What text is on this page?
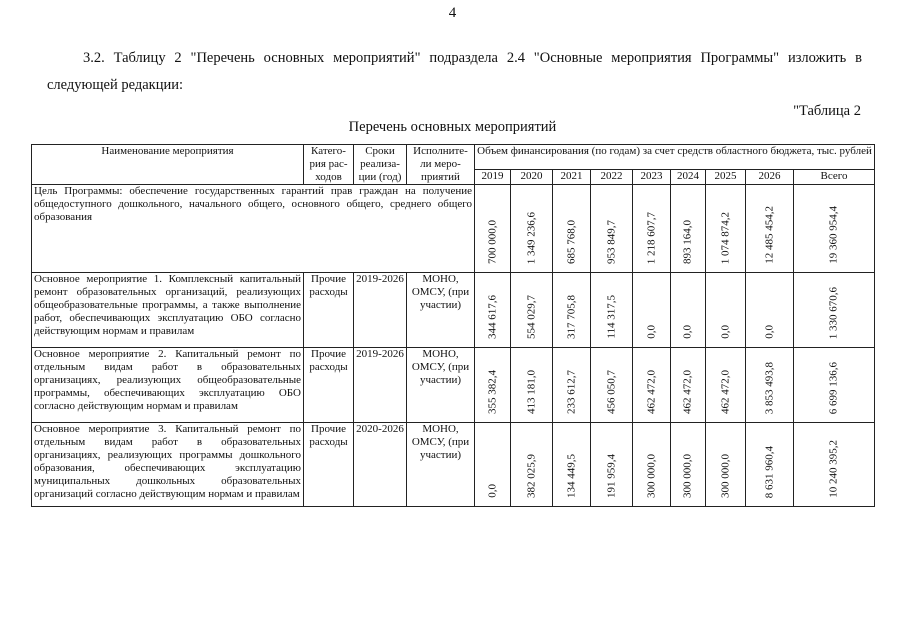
4

3.2. Таблицу 2 "Перечень основных мероприятий" подраздела 2.4 "Основные мероприятия Программы" изложить в следующей редакции:

"Таблица 2
Перечень основных мероприятий
Наименование мероприятия	Катего-рия рас-ходов	Сроки реализа-ции (год)	Исполните-ли меро-приятий	Объем финансирования (по годам) за счет средств областного бюджета, тыс. рублей								
				2019	2020	2021	2022	2023	2024	2025	2026	Всего
Цель Программы: обеспечение государственных гарантий прав граждан на получение общедоступного дошкольного, начального общего, основного общего, среднего общего образования				700 000,0	1 349 236,6	685 768,0	953 849,7	1 218 607,7	893 164,0	1 074 874,2	12 485 454,2	19 360 954,4

Основное мероприятие 1. Комплексный капитальный ремонт образовательных организаций, реализующих общеобразовательные программы, а также выполнение работ, обеспечивающих эксплуатацию ОБО согласно действующим нормам и правилам	Прочие расходы	2019-2026	МОНО, ОМСУ, (при участии)	344 617,6	554 029,7	317 705,8	114 317,5	0,0	0,0	0,0	0,0	1 330 670,6

Основное мероприятие 2. Капитальный ремонт по отдельным видам работ в образовательных организациях, реализующих общеобразовательные программы, обеспечивающих эксплуатацию ОБО согласно действующим нормам и правилам	Прочие расходы	2019-2026	МОНО, ОМСУ, (при участии)	355 382,4	413 181,0	233 612,7	456 050,7	462 472,0	462 472,0	462 472,0	3 853 493,8	6 699 136,6

Основное мероприятие 3. Капитальный ремонт по отдельным видам работ в образовательных организациях, реализующих программы дошкольного образования, обеспечивающих эксплуатацию муниципальных дошкольных образовательных организаций согласно действующим нормам и правилам	Прочие расходы	2020-2026	МОНО, ОМСУ, (при участии)	0,0	382 025,9	134 449,5	191 959,4	300 000,0	300 000,0	300 000,0	8 631 960,4	10 240 395,2
